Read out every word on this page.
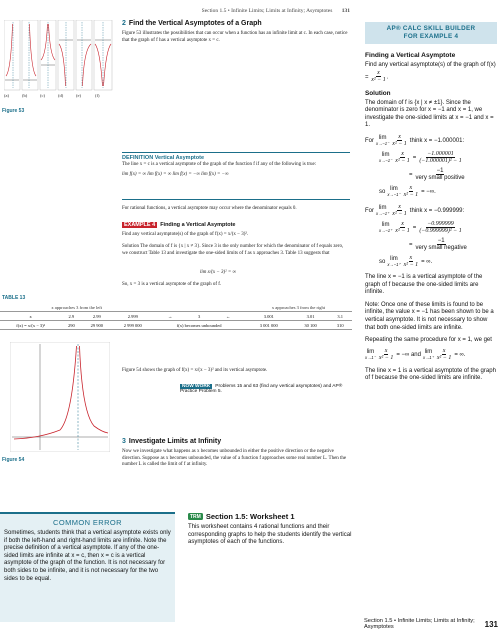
Section 1.5 • Infinite Limits; Limits at Infinity; Asymptotes 131
(a)	(b)	(c)	(d)	(e)	(f)
Figure 53
2 Find the Vertical Asymptotes of a Graph
Figure 53 illustrates the possibilities that can occur when a function has an infinite limit at c. In each case, notice that the graph of f has a vertical asymptote x = c.
DEFINITION Vertical Asymptote
The line x = c is a vertical asymptote of the graph of the function f if any of the following is true:
lim f(x) = ∞ lim f(x) = ∞ lim f(x) = −∞ lim f(x) = −∞
For rational functions, a vertical asymptote may occur where the denominator equals 0.
EXAMPLE 4 Finding a Vertical Asymptote
Find any vertical asymptote(s) of the graph of f(x) = x/(x − 3)².
Solution The domain of f is {x | x ≠ 3}. Since 3 is the only number for which the denominator of f equals zero, we construct Table 13 and investigate the one-sided limits of f as x approaches 3. Table 13 suggests that
lim x/(x − 3)² = ∞
So, x = 3 is a vertical asymptote of the graph of f.
TABLE 13
x approaches 3 from the left							x approaches 3 from the right		
x	2.9	2.99	2.999	→	3	←	3.001	3.01	3.1
f(x) = x/(x − 3)²	290	29 900	2 999 000	f(x) becomes unbounded			3 001 000	30 100	310
Figure 54
Figure 54 shows the graph of f(x) = x/(x − 3)² and its vertical asymptote.
NOW WORK Problems 15 and 63 (find any vertical asymptotes) and AP® Practice Problem 5.
3 Investigate Limits at Infinity
Now we investigate what happens as x becomes unbounded in either the positive direction or the negative direction. Suppose as x becomes unbounded, the value of a function f approaches some real number L. Then the number L is called the limit of f at infinity.
COMMON ERROR
Sometimes, students think that a vertical asymptote exists only if both the left-hand and right-hand limits are infinite. Note the precise definition of a vertical asymptote. If any of the one-sided limits are infinite at x = c, then x = c is a vertical asymptote of the graph of the function. It is not necessary for both sides to be infinite, and it is not necessary for the two sides to be equal.
TRM Section 1.5: Worksheet 1
This worksheet contains 4 rational functions and their corresponding graphs to help the students identify the vertical asymptotes of each of the functions.
AP® CALC SKILL BUILDER
FOR EXAMPLE 4
Finding a Vertical Asymptote
Find any vertical asymptote(s) of the graph of $f(x) = \frac{x}{\text{x² − 1}}$ .
Solution
The domain of f is {x | x ≠ ±1}. Since the denominator is zero for x = −1 and x = 1, we investigate the one-sided limits at x = −1 and x = 1.
For lim
$x\to-1^- \frac{x}{\text{x² − 1}}$ think x = −1.000001:
lim
$x\to-1^- \frac{x}{\text{x² − 1}} = \frac{-1.000001}{\text{(−1.000001)² − 1}}$
= $\frac{-1}{\text{very small positive}}$
so lim
$x\to-1^- \frac{x}{\text{x² − 1}}$ = −∞.
For lim
$x\to-1^+ \frac{x}{\text{x² − 1}}$ think x = −0.999999:
lim
$x\to-1^+ \frac{x}{\text{x² − 1}} = \frac{-0.999999}{\text{(−0.999999)² − 1}}$
= $\frac{-1}{\text{very small negative}}$
so lim
$x\to-1^+ \frac{x}{\text{x² − 1}}$ = ∞.
The line x = −1 is a vertical asymptote of the graph of f because the one-sided limits are infinite.
Note: Once one of these limits is found to be infinite, the value x = −1 has been shown to be a vertical asymptote. It is not necessary to show that both one-sided limits are infinite.
Repeating the same procedure for x = 1, we get
lim
$x\to 1^- \frac{x}{\text{x² − 1}}$ = −∞ and lim
$x\to 1^+ \frac{x}{\text{x² − 1}}$ = ∞.
The line x = 1 is a vertical asymptote of the graph of f because the one-sided limits are infinite.
Section 1.5 • Infinite Limits; Limits at Infinity; Asymptotes	131
